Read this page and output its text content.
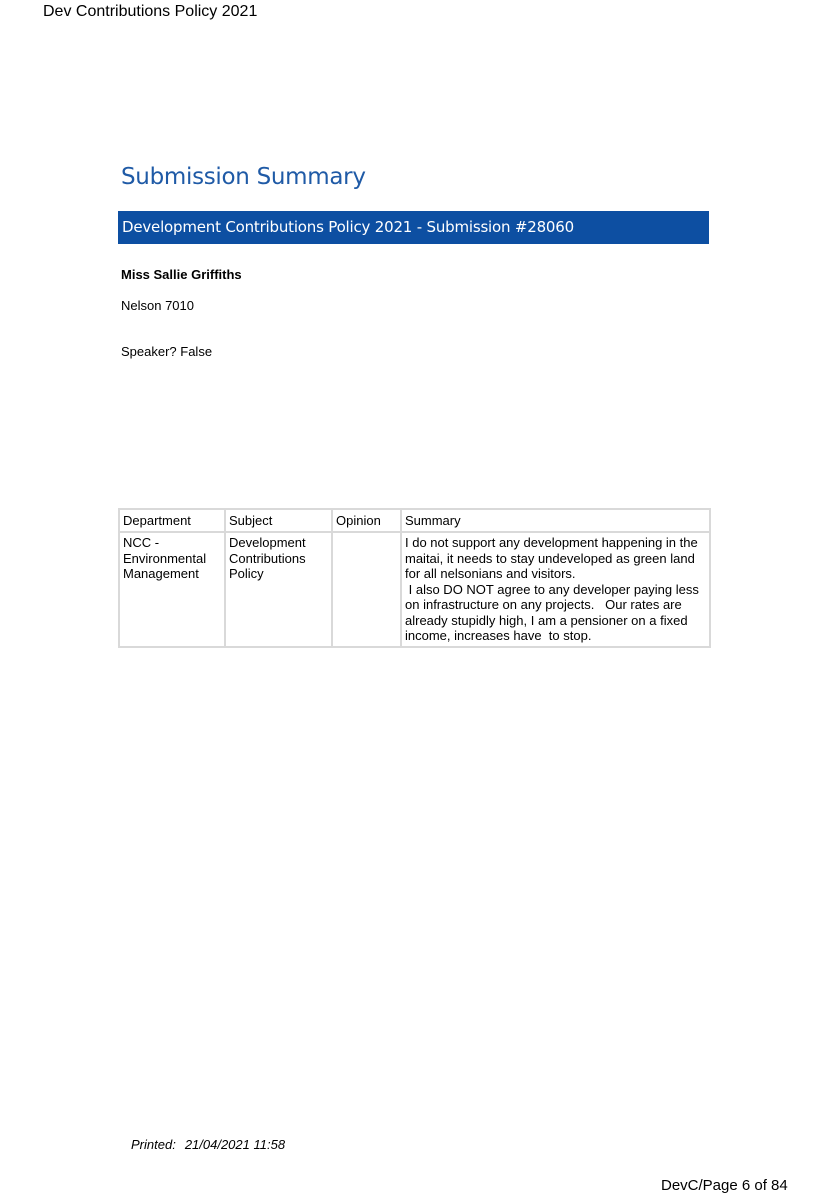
Dev Contributions Policy 2021
Submission Summary
Development Contributions Policy 2021 - Submission #28060
Miss Sallie Griffiths
Nelson 7010
Speaker? False
Department	Subject	Opinion	Summary
NCC - Environmental Management	Development Contributions Policy		I do not support any development happening in the maitai, it needs to stay undeveloped as green land for all nelsonians and visitors.
I also DO NOT agree to any developer paying less on infrastructure on any projects.   Our rates are already stupidly high, I am a pensioner on a fixed income, increases have  to stop.
Printed: 21/04/2021 11:58
DevC/Page 6 of 84
